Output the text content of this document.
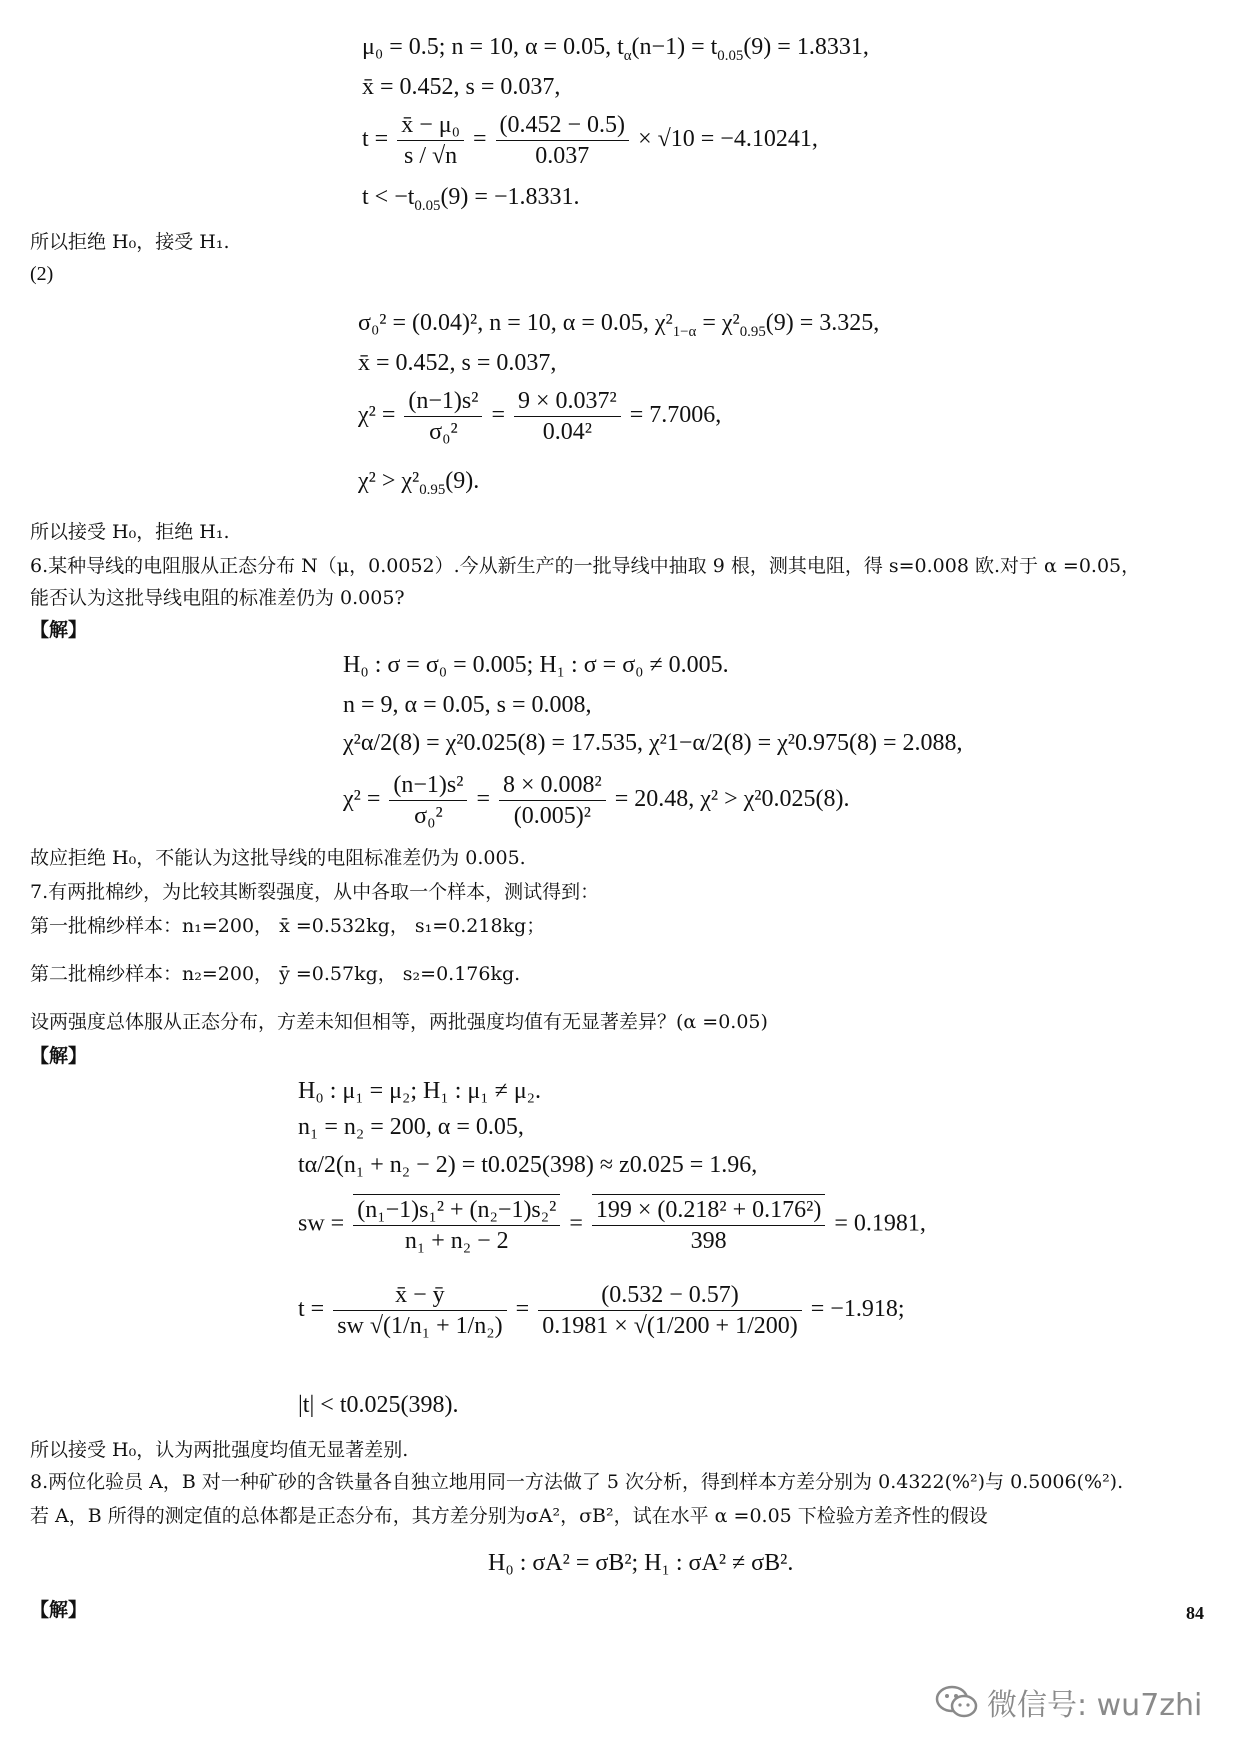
μ₀ = 0.5; n = 10, α = 0.05, $t_\alpha(n-1) = t_{0.05}(9) = 1.8331$,
x̄ = 0.452, s = 0.037,
$t = \frac{\text{x̄ − μ₀}}{s / √n} = \frac{(0.452 - 0.5)}{0.037} \times √10 = -4.10241$,
$t < -t_{0.05}(9) = -1.8331$.
所以拒绝 H₀，接受 H₁.
(2)
σ₀² = (0.04)², n = 10, α = 0.05, $\chi^2_{1-\alpha} = \chi^2_{0.95}(9) = 3.325$,
x̄ = 0.452, s = 0.037,
$\chi^2 = \frac{\text{(n−1)s²}}{\text{σ₀²}} = \frac{\text{9 × 0.037²}}{\text{0.04²}} = 7.7006$,
$\chi^2 > \chi^2_{0.95}(9)$.
所以接受 H₀，拒绝 H₁.
6.某种导线的电阻服从正态分布 N（μ，0.0052）.今从新生产的一批导线中抽取 9 根，测其电阻，得 s=0.008 欧.对于 α =0.05，
能否认为这批导线电阻的标准差仍为 0.005?
【解】
H₀ : σ = σ₀ = 0.005; H₁ : σ = σ₀ ≠ 0.005.
n = 9, α = 0.05, s = 0.008,
χ²α/2(8) = χ²0.025(8) = 17.535, χ²1−α/2(8) = χ²0.975(8) = 2.088,
$\chi^2 = \frac{\text{(n−1)s²}}{\text{σ₀²}} = \frac{\text{8 × 0.008²}}{\text{(0.005)²}} = 20.48$, χ² > χ²0.025(8).
故应拒绝 H₀，不能认为这批导线的电阻标准差仍为 0.005.
7.有两批棉纱，为比较其断裂强度，从中各取一个样本，测试得到：
第一批棉纱样本：n₁=200， x̄ =0.532kg， s₁=0.218kg；
第二批棉纱样本：n₂=200， ȳ =0.57kg， s₂=0.176kg.
设两强度总体服从正态分布，方差未知但相等，两批强度均值有无显著差异？(α =0.05)
【解】
H₀ : μ₁ = μ₂; H₁ : μ₁ ≠ μ₂.
n₁ = n₂ = 200, α = 0.05,
tα/2(n₁ + n₂ − 2) = t0.025(398) ≈ z0.025 = 1.96,
sw = $\frac{\text{(n₁−1)s₁² + (n₂−1)s₂²}}{\text{n₁ + n₂ − 2}} = \frac{\text{199 × (0.218² + 0.176²)}}{398} = 0.1981$,
$t = \frac{x̄ - ȳ}{\text{sw √(1/n₁ + 1/n₂)}} = \frac{(0.532 - 0.57)}{0.1981 \times √(1/200 + 1/200)} = -1.918$;
|t| < t0.025(398).
所以接受 H₀，认为两批强度均值无显著差别.
8.两位化验员 A，B 对一种矿砂的含铁量各自独立地用同一方法做了 5 次分析，得到样本方差分别为 0.4322(%²)与 0.5006(%²).
若 A，B 所得的测定值的总体都是正态分布，其方差分别为σA²，σB²，试在水平 α =0.05 下检验方差齐性的假设
H₀ : σA² = σB²; H₁ : σA² ≠ σB².
【解】	84
微信号: wu7zhi
